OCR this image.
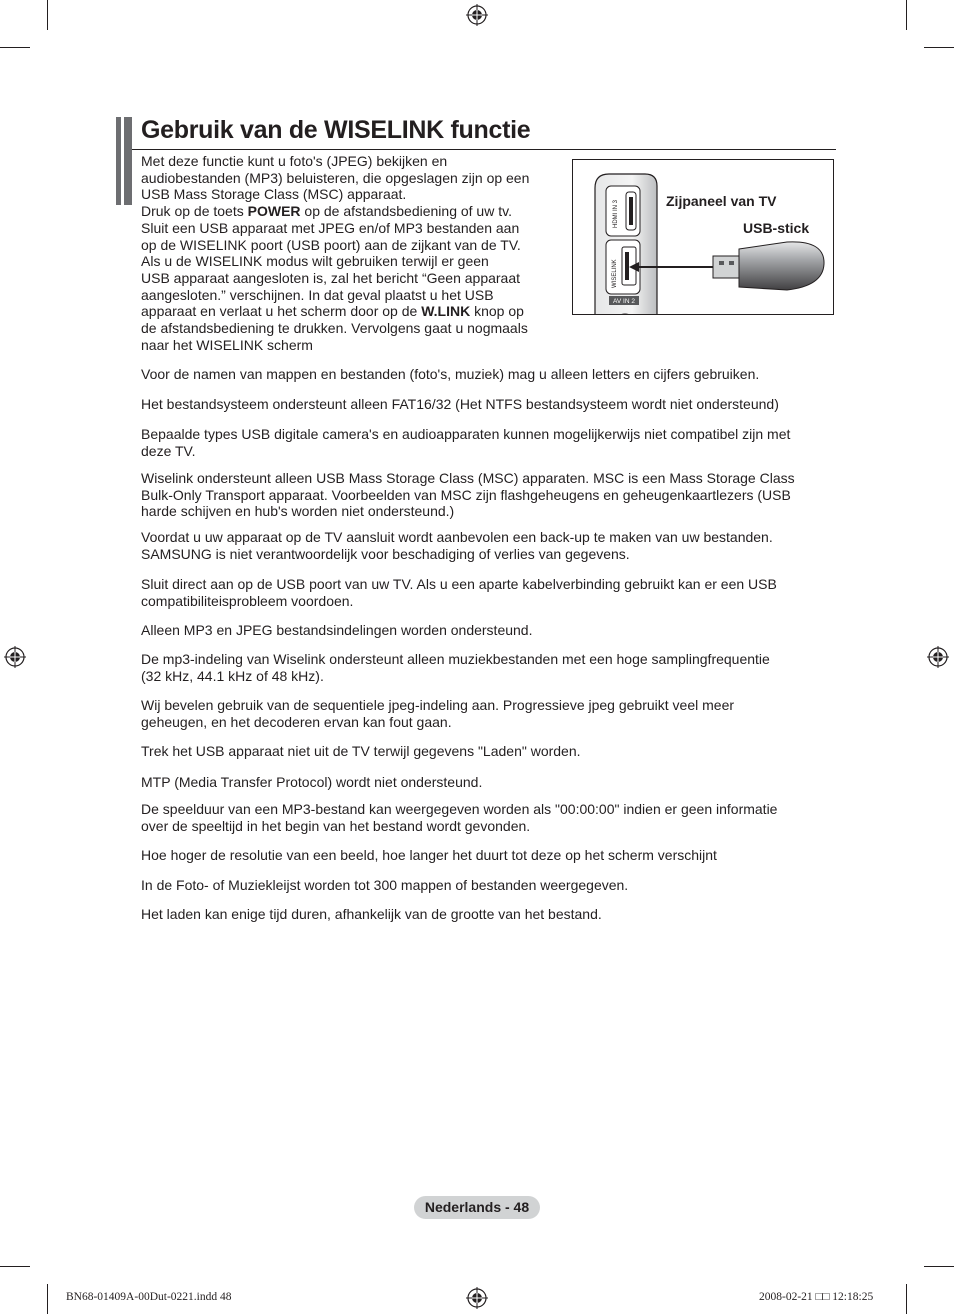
Gebruik van de WISELINK functie

Met deze functie kunt u foto's (JPEG) bekijken en

audiobestanden (MP3) beluisteren, die opgeslagen zijn op een

USB Mass Storage Class (MSC) apparaat.

Druk op de toets POWER op de afstandsbediening of uw tv.

Sluit een USB apparaat met JPEG en/of MP3 bestanden aan

op de WISELINK poort (USB poort) aan de zijkant van de TV.

Als u de WISELINK modus wilt gebruiken terwijl er geen

USB apparaat aangesloten is, zal het bericht “Geen apparaat

aangesloten.” verschijnen. In dat geval plaatst u het USB

apparaat en verlaat u het scherm door op de W.LINK knop op

de afstandsbediening te drukken. Vervolgens gaat u nogmaals

naar het WISELINK scherm

HDMI IN 3
WISELINK
AV IN 2
Zijpaneel van TV
USB-stick
Voor de namen van mappen en bestanden (foto's, muziek) mag u alleen letters en cijfers gebruiken.
Het bestandsysteem ondersteunt alleen FAT16/32 (Het NTFS bestandsysteem wordt niet ondersteund)
Bepaalde types USB digitale camera's en audioapparaten kunnen mogelijkerwijs niet compatibel zijn met
deze TV.
Wiselink ondersteunt alleen USB Mass Storage Class (MSC) apparaten. MSC is een Mass Storage Class
Bulk-Only Transport apparaat. Voorbeelden van MSC zijn flashgeheugens en geheugenkaartlezers (USB
harde schijven en hub's worden niet ondersteund.)
Voordat u uw apparaat op de TV aansluit wordt aanbevolen een back-up te maken van uw bestanden.
SAMSUNG is niet verantwoordelijk voor beschadiging of verlies van gegevens.
Sluit direct aan op de USB poort van uw TV. Als u een aparte kabelverbinding gebruikt kan er een USB
compatibiliteisprobleem voordoen.
Alleen MP3 en JPEG bestandsindelingen worden ondersteund.
De mp3-indeling van Wiselink ondersteunt alleen muziekbestanden met een hoge samplingfrequentie
(32 kHz, 44.1 kHz of 48 kHz).
Wij bevelen gebruik van de sequentiele jpeg-indeling aan. Progressieve jpeg gebruikt veel meer
geheugen, en het decoderen ervan kan fout gaan.
Trek het USB apparaat niet uit de TV terwijl gegevens "Laden" worden.
MTP (Media Transfer Protocol) wordt niet ondersteund.
De speelduur van een MP3-bestand kan weergegeven worden als "00:00:00" indien er geen informatie
over de speeltijd in het begin van het bestand wordt gevonden.
Hoe hoger de resolutie van een beeld, hoe langer het duurt tot deze op het scherm verschijnt
In de Foto- of Muziekleijst worden tot 300 mappen of bestanden weergegeven.
Het laden kan enige tijd duren, afhankelijk van de grootte van het bestand.
Nederlands - 48
BN68-01409A-00Dut-0221.indd 48	2008-02-21 □□ 12:18:25
